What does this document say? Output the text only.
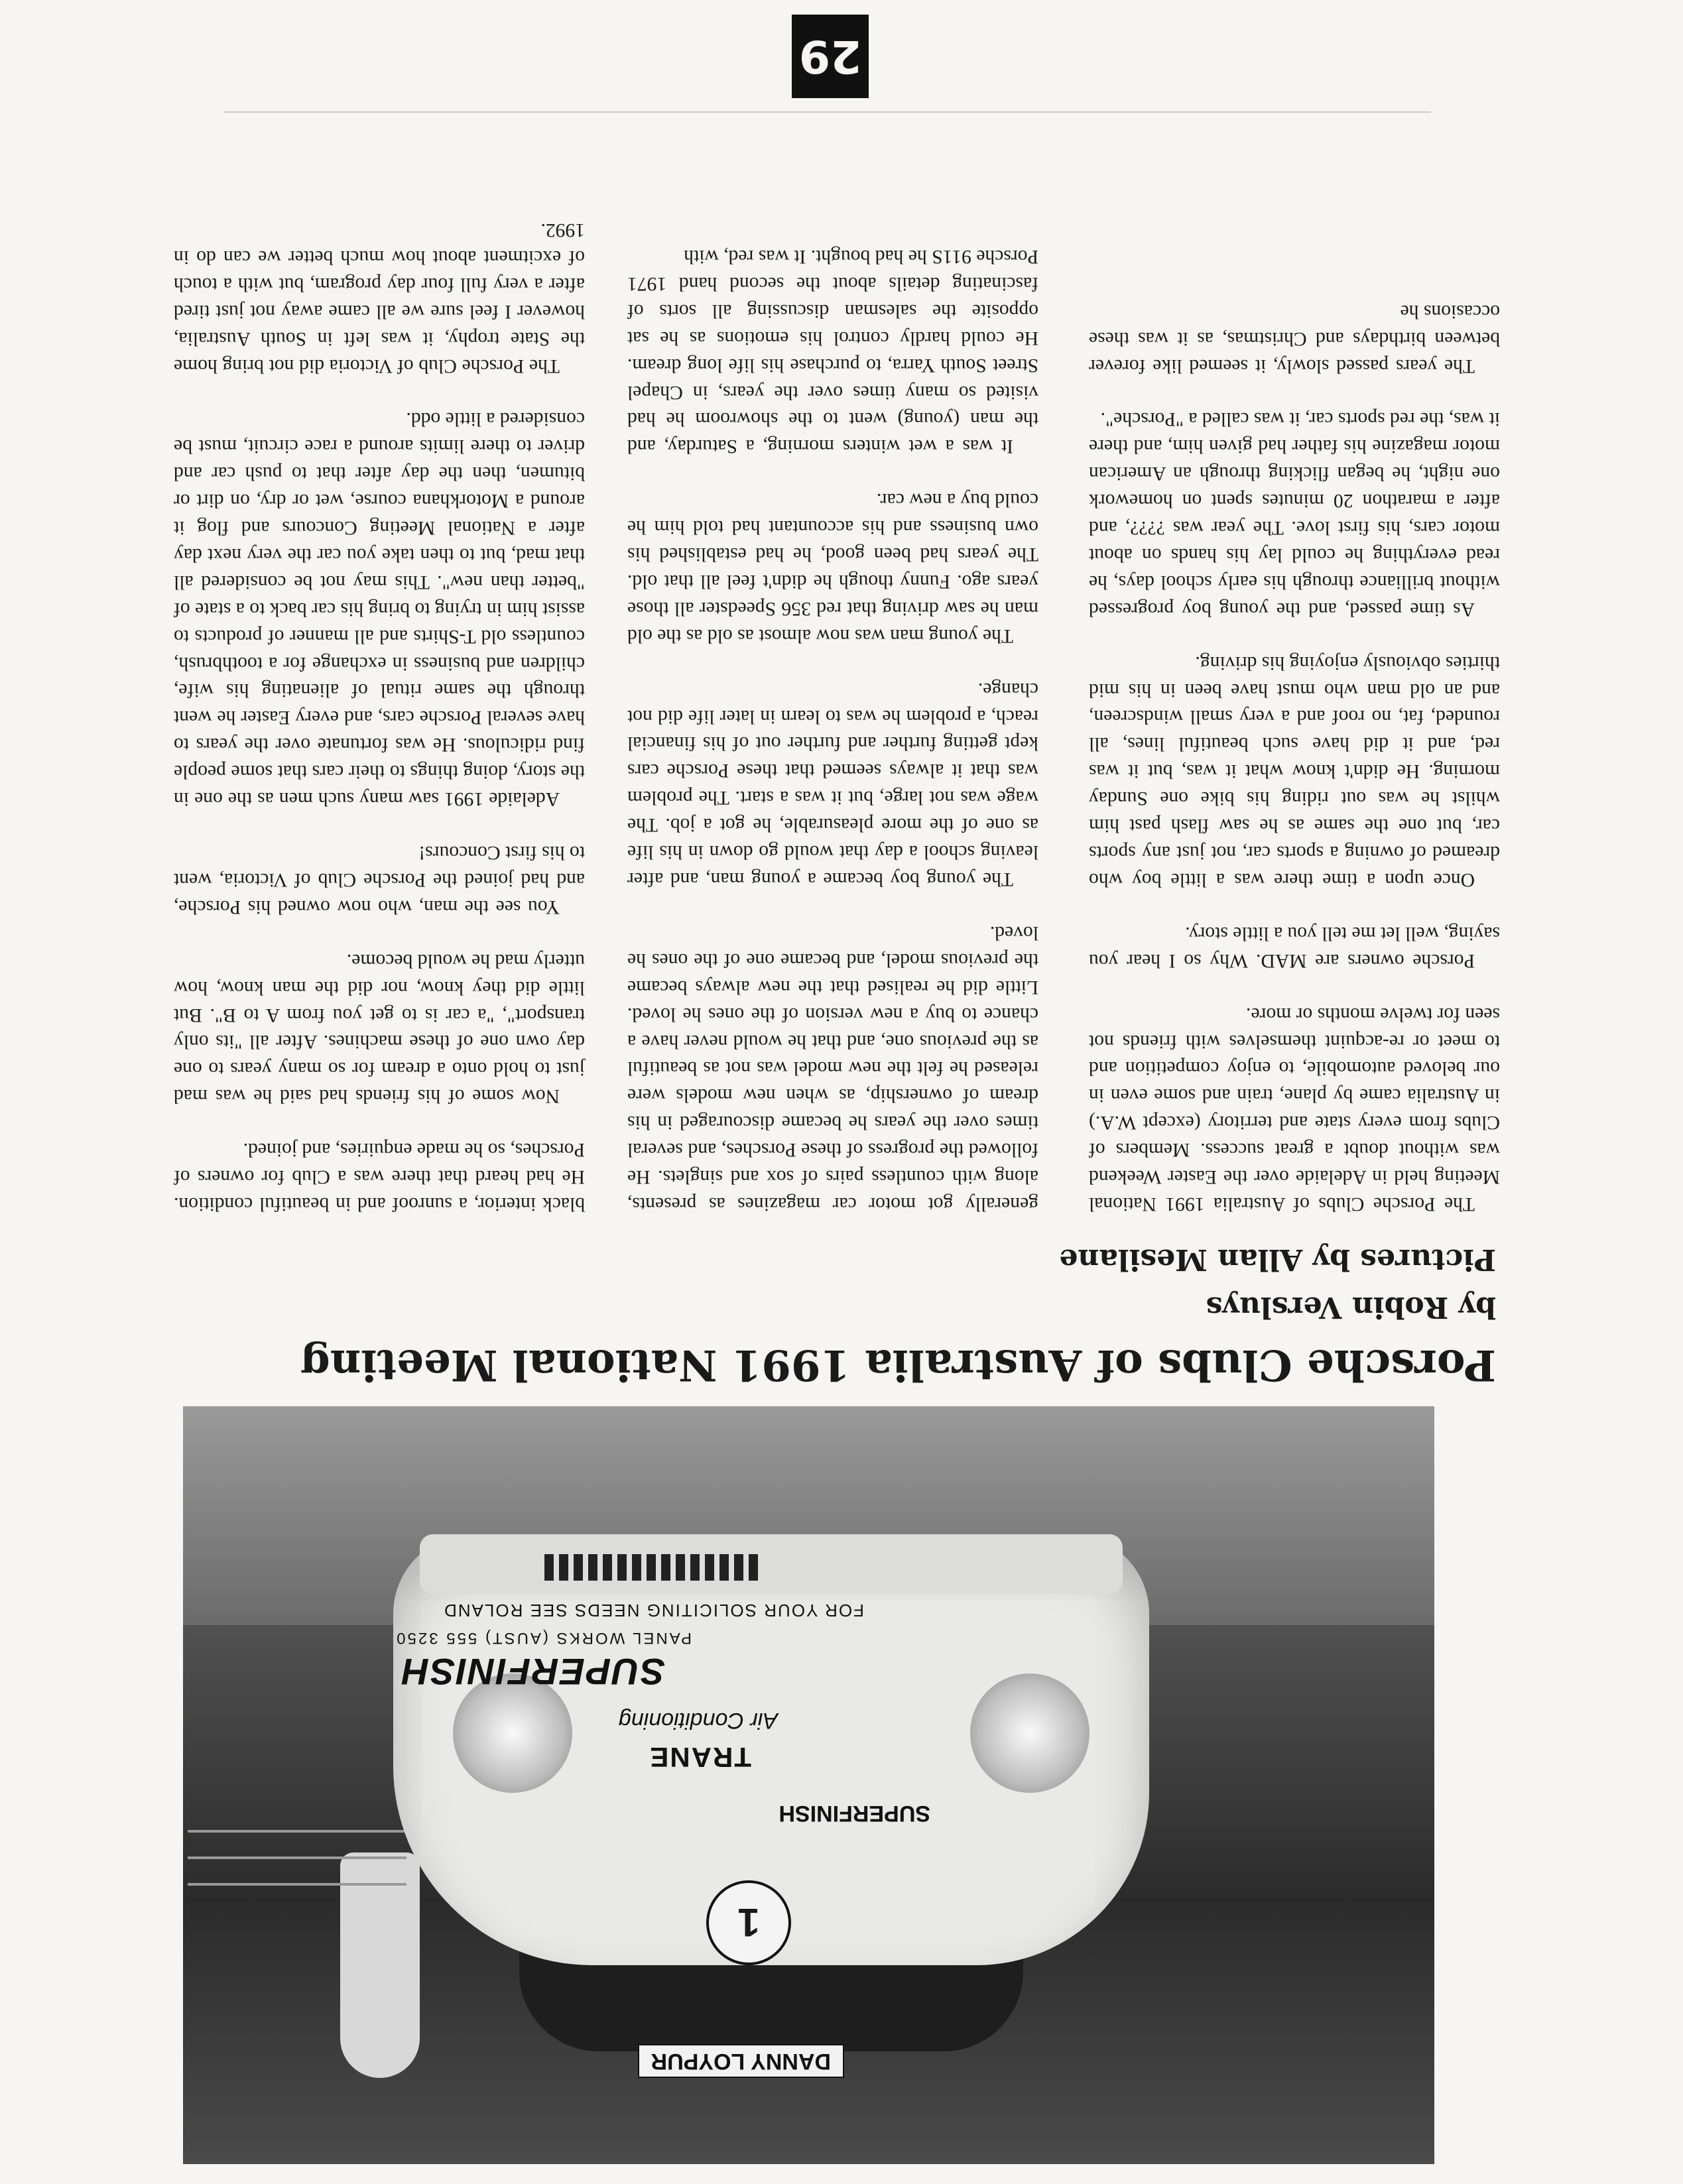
DANNY LOYPUR
1
SUPERFINISH
TRANE
Air Conditioning
SUPERFINISH
PANEL WORKS (AUST) 555 3250
FOR YOUR SOLICITING NEEDS SEE ROLAND
Porsche Clubs of Australia 1991 National Meeting
by Robin Versluys
Pictures by Allan Mesilane

The Porsche Clubs of Australia 1991 National Meeting held in Adelaide over the Easter Weekend was without doubt a great success. Members of Clubs from every state and territory (except W.A.) in Australia came by plane, train and some even in our beloved automobile, to enjoy competition and to meet or re-acquint themselves with friends not seen for twelve months or more.

Porsche owners are MAD. Why so I hear you saying, well let me tell you a little story.

Once upon a time there was a little boy who dreamed of owning a sports car, not just any sports car, but one the same as he saw flash past him whilst he was out riding his bike one Sunday morning. He didn't know what it was, but it was red, and it did have such beautiful lines, all rounded, fat, no roof and a very small windscreen, and an old man who must have been in his mid thirties obviously enjoying his driving.

As time passed, and the young boy progressed without brilliance through his early school days, he read everything he could lay his hands on about motor cars, his first love. The year was ????, and after a marathon 20 minutes spent on homework one night, he began flicking through an American motor magazine his father had given him, and there it was, the red sports car, it was called a "Porsche".

The years passed slowly, it seemed like forever between birthdays and Christmas, as it was these occasions he

generally got motor car magazines as presents, along with countless pairs of sox and singlets. He followed the progress of these Porsches, and several times over the years he became discouraged in his dream of ownership, as when new models were released he felt the new model was not as beautiful as the previous one, and that he would never have a chance to buy a new version of the ones he loved. Little did he realised that the new always became the previous model, and became one of the ones he loved.

The young boy became a young man, and after leaving school a day that would go down in his life as one of the more pleasurable, he got a job. The wage was not large, but it was a start. The problem was that it always seemed that these Porsche cars kept getting further and further out of his financial reach, a problem he was to learn in later life did not change.

The young man was now almost as old as the old man he saw driving that red 356 Speedster all those years ago. Funny though he didn't feel all that old. The years had been good, he had established his own business and his accountant had told him he could buy a new car.

It was a wet winters morning, a Saturday, and the man (young) went to the showroom he had visited so many times over the years, in Chapel Street South Yarra, to purchase his life long dream. He could hardly control his emotions as he sat opposite the salesman discussing all sorts of fascinating details about the second hand 1971 Porsche 911S he had bought. It was red, with

black interior, a sunroof and in beautiful condition. He had heard that there was a Club for owners of Porsches, so he made enquiries, and joined.

Now some of his friends had said he was mad just to hold onto a dream for so many years to one day own one of these machines. After all "its only transport", "a car is to get you from A to B". But little did they know, nor did the man know, how utterly mad he would become.

You see the man, who now owned his Porsche, and had joined the Porsche Club of Victoria, went to his first Concours!

Adelaide 1991 saw many such men as the one in the story, doing things to their cars that some people find ridiculous. He was fortunate over the years to have several Porsche cars, and every Easter he went through the same ritual of alienating his wife, children and business in exchange for a toothbrush, countless old T-Shirts and all manner of products to assist him in trying to bring his car back to a state of "better than new". This may not be considered all that mad, but to then take you car the very next day after a National Meeting Concours and flog it around a Motorkhana course, wet or dry, on dirt or bitumen, then the day after that to push car and driver to there limits around a race circuit, must be considered a little odd.

The Porsche Club of Victoria did not bring home the State trophy, it was left in South Australia, however I feel sure we all came away not just tired after a very full four day program, but with a touch of excitment about how much better we can do in 1992.

29
